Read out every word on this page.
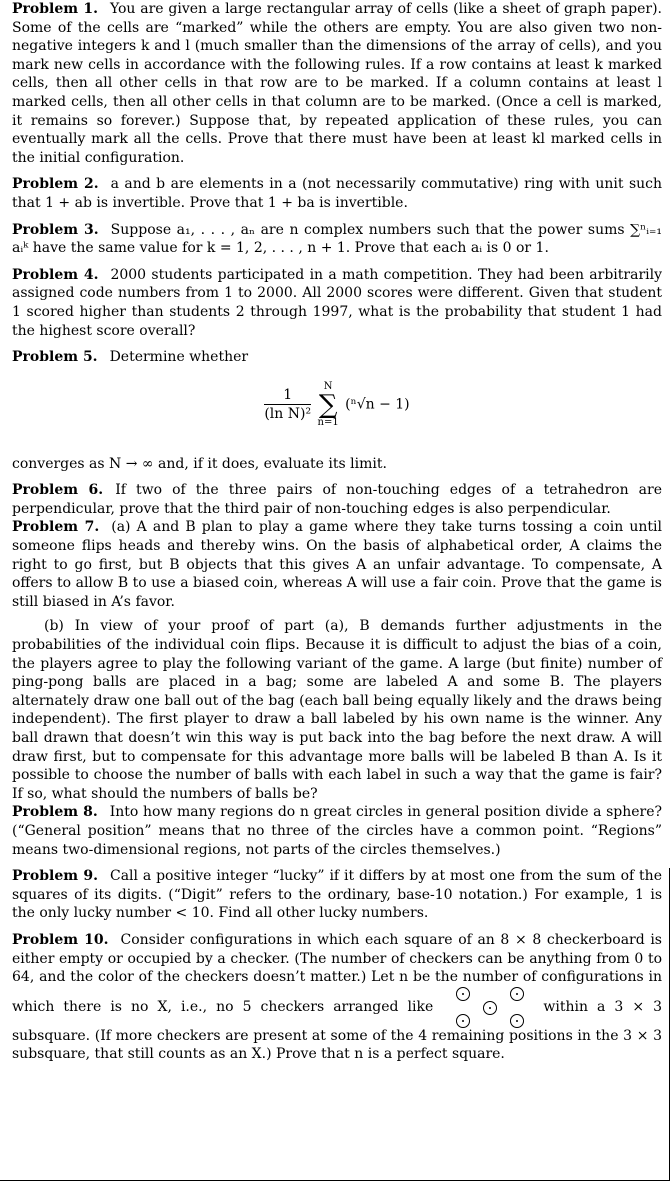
Problem 1. You are given a large rectangular array of cells (like a sheet of graph paper). Some of the cells are “marked” while the others are empty. You are also given two non-negative integers k and l (much smaller than the dimensions of the array of cells), and you mark new cells in accordance with the following rules. If a row contains at least k marked cells, then all other cells in that row are to be marked. If a column contains at least l marked cells, then all other cells in that column are to be marked. (Once a cell is marked, it remains so forever.) Suppose that, by repeated application of these rules, you can eventually mark all the cells. Prove that there must have been at least kl marked cells in the initial configuration.

Problem 2. a and b are elements in a (not necessarily commutative) ring with unit such that 1 + ab is invertible. Prove that 1 + ba is invertible.

Problem 3. Suppose a₁, . . . , aₙ are n complex numbers such that the power sums ∑ⁿᵢ₌₁ aᵢᵏ have the same value for k = 1, 2, . . . , n + 1. Prove that each aᵢ is 0 or 1.

Problem 4. 2000 students participated in a math competition. They had been arbitrarily assigned code numbers from 1 to 2000. All 2000 scores were different. Given that student 1 scored higher than students 2 through 1997, what is the probability that student 1 had the highest score overall?

Problem 5. Determine whether

$\frac{1}{\text{(ln N)²}}$
	N
∑
n=1
(ⁿ√n − 1)

converges as N → ∞ and, if it does, evaluate its limit.

Problem 6. If two of the three pairs of non-touching edges of a tetrahedron are perpendicular, prove that the third pair of non-touching edges is also perpendicular.

Problem 7. (a) A and B plan to play a game where they take turns tossing a coin until someone flips heads and thereby wins. On the basis of alphabetical order, A claims the right to go first, but B objects that this gives A an unfair advantage. To compensate, A offers to allow B to use a biased coin, whereas A will use a fair coin. Prove that the game is still biased in A’s favor.

(b) In view of your proof of part (a), B demands further adjustments in the probabilities of the individual coin flips. Because it is difficult to adjust the bias of a coin, the players agree to play the following variant of the game. A large (but finite) number of ping-pong balls are placed in a bag; some are labeled A and some B. The players alternately draw one ball out of the bag (each ball being equally likely and the draws being independent). The first player to draw a ball labeled by his own name is the winner. Any ball drawn that doesn’t win this way is put back into the bag before the next draw. A will draw first, but to compensate for this advantage more balls will be labeled B than A. Is it possible to choose the number of balls with each label in such a way that the game is fair? If so, what should the numbers of balls be?

Problem 8. Into how many regions do n great circles in general position divide a sphere? (“General position” means that no three of the circles have a common point. “Regions” means two-dimensional regions, not parts of the circles themselves.)

Problem 9. Call a positive integer “lucky” if it differs by at most one from the sum of the squares of its digits. (“Digit” refers to the ordinary, base-10 notation.) For example, 1 is the only lucky number < 10. Find all other lucky numbers.

Problem 10. Consider configurations in which each square of an 8 × 8 checkerboard is either empty or occupied by a checker. (The number of checkers can be anything from 0 to 64, and the color of the checkers doesn’t matter.) Let n be the number of configurations in which there is no X, i.e., no 5 checkers arranged like	within a 3 × 3 subsquare. (If more checkers are present at some of the 4 remaining positions in the 3 × 3 subsquare, that still counts as an X.) Prove that n is a perfect square.
